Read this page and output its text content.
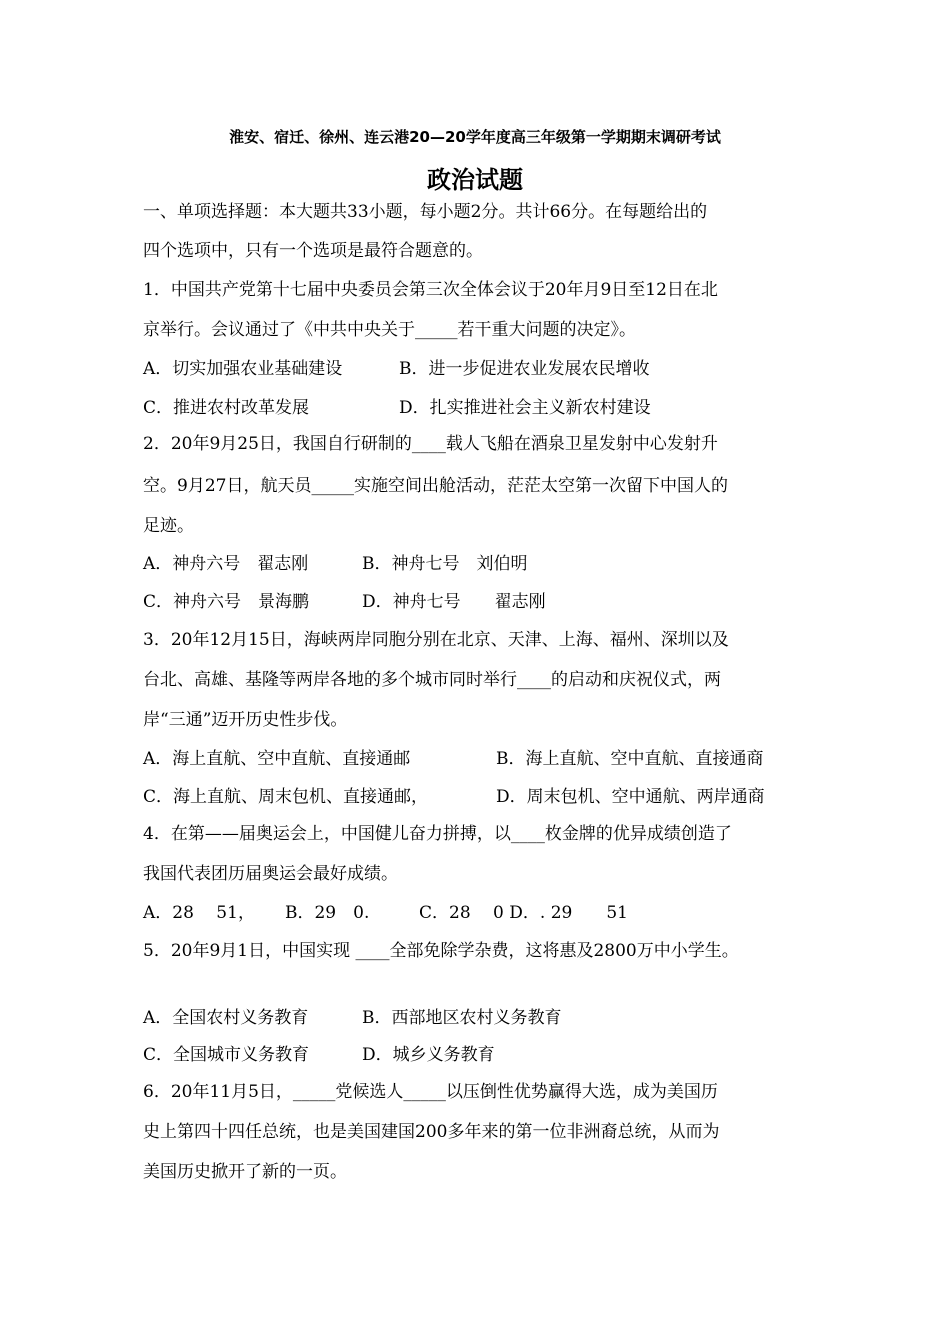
淮安、宿迁、徐州、连云港20—20学年度高三年级第一学期期末调研考试
政治试题
一、单项选择题：本大题共33小题，每小题2分。共计66分。在每题给出的
四个选项中，只有一个选项是最符合题意的。
1．中国共产党第十七届中央委员会第三次全体会议于20年月9日至12日在北
京举行。会议通过了《中共中央关于_____若干重大问题的决定》。
A．切实加强农业基础建设	B．进一步促进农业发展农民增收
C．推进农村改革发展	D．扎实推进社会主义新农村建设
2．20年9月25日，我国自行研制的____载人飞船在酒泉卫星发射中心发射升
空。9月27日，航天员_____实施空间出舱活动，茫茫太空第一次留下中国人的
足迹。
A．神舟六号　翟志刚	B．神舟七号　刘伯明
C．神舟六号　景海鹏	D．神舟七号　　翟志刚
3．20年12月15日，海峡两岸同胞分别在北京、天津、上海、福州、深圳以及
台北、高雄、基隆等两岸各地的多个城市同时举行____的启动和庆祝仪式，两
岸“三通”迈开历史性步伐。
A．海上直航、空中直航、直接通邮	B．海上直航、空中直航、直接通商
C．海上直航、周末包机、直接通邮，	D．周末包机、空中通航、两岸通商
4．在第——届奥运会上，中国健儿奋力拼搏，以____枚金牌的优异成绩创造了
我国代表团历届奥运会最好成绩。
A．28　 51， B．29　0.	C．28　 0 D．. 29　　51
5．20年9月1日，中国实现 ____全部免除学杂费，这将惠及2800万中小学生。
A．全国农村义务教育	B．西部地区农村义务教育
C．全国城市义务教育	D．城乡义务教育
6．20年11月5日，_____党候选人_____以压倒性优势赢得大选，成为美国历
史上第四十四任总统，也是美国建国200多年来的第一位非洲裔总统，从而为
美国历史掀开了新的一页。
